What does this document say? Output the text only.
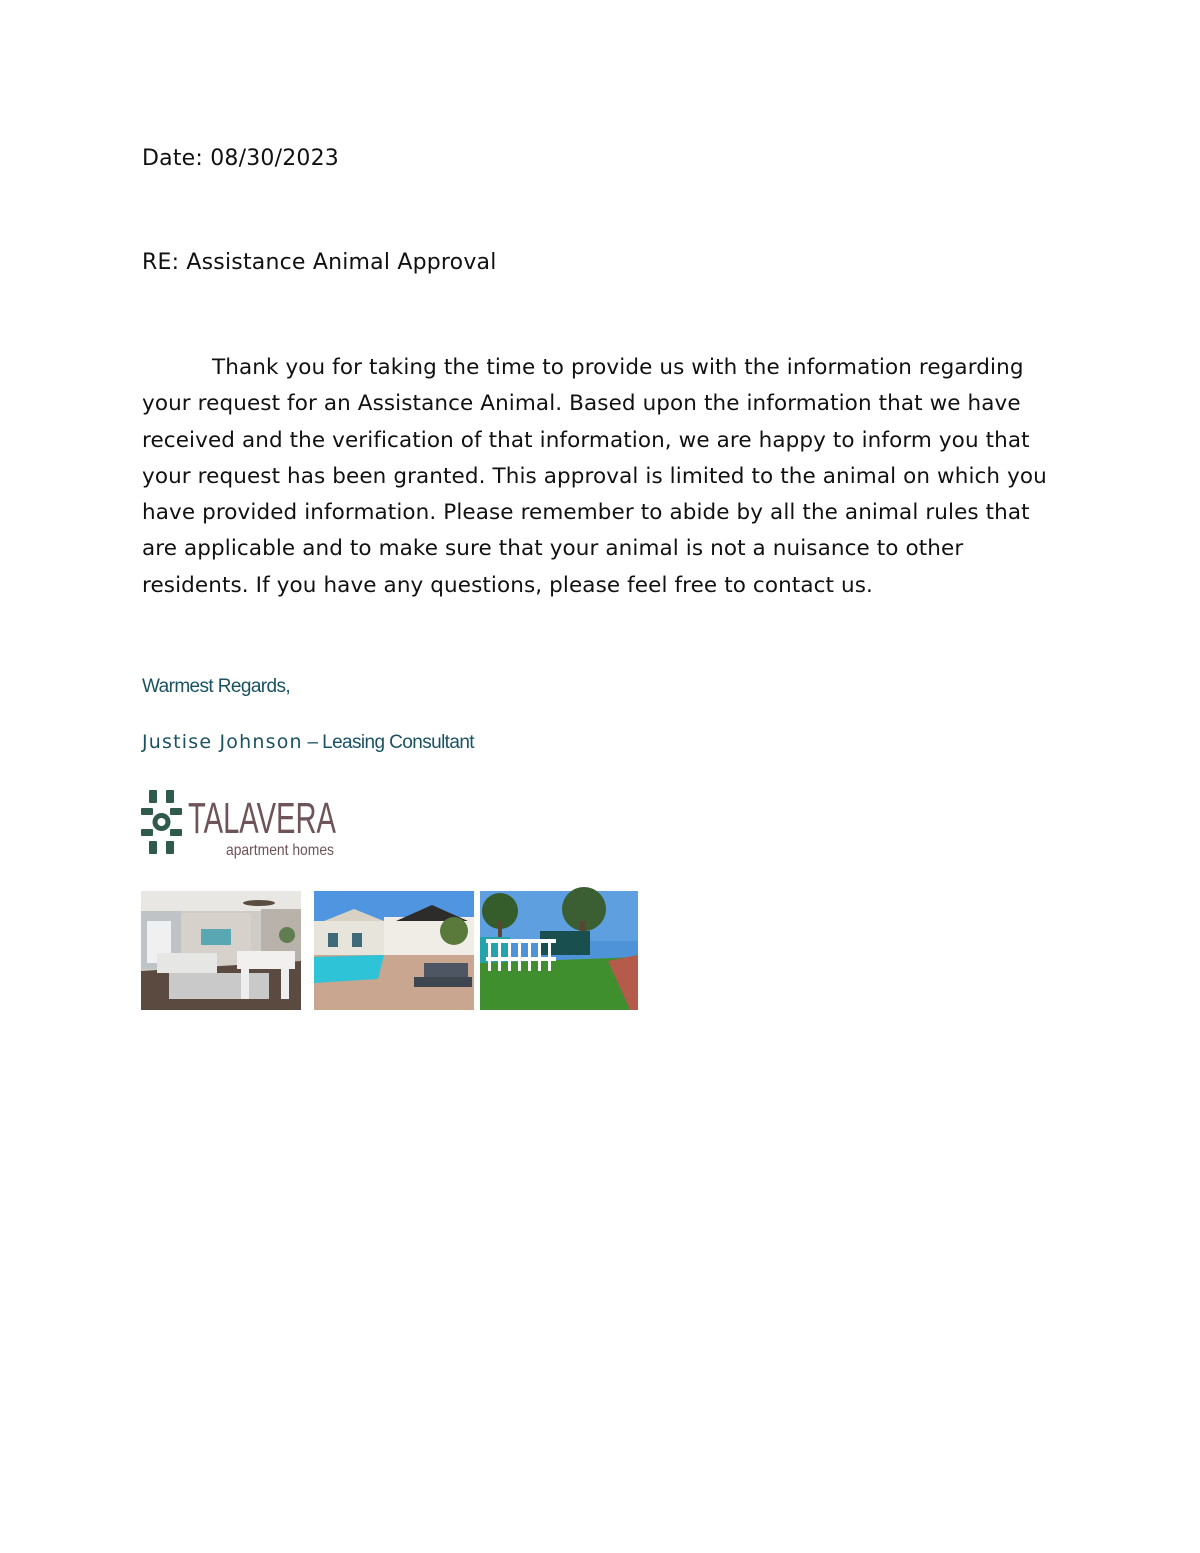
Date: 08/30/2023
RE: Assistance Animal Approval
Thank you for taking the time to provide us with the information regarding your request for an Assistance Animal. Based upon the information that we have received and the verification of that information, we are happy to inform you that your request has been granted. This approval is limited to the animal on which you have provided information. Please remember to abide by all the animal rules that are applicable and to make sure that your animal is not a nuisance to other residents. If you have any questions, please feel free to contact us.
Warmest Regards,
Justise Johnson – Leasing Consultant
TALAVERA
apartment homes
